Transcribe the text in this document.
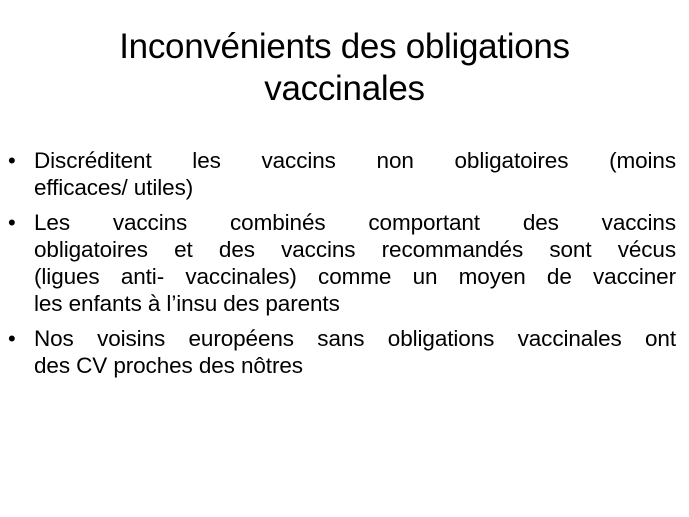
Inconvénients des obligations
vaccinales
• Discréditent les vaccins non obligatoires (moins
efficaces/ utiles)
• Les vaccins combinés comportant des vaccins
obligatoires et des vaccins recommandés sont vécus
(ligues anti- vaccinales) comme un moyen de vacciner
les enfants à l’insu des parents
• Nos voisins européens sans obligations vaccinales ont
des CV proches des nôtres
